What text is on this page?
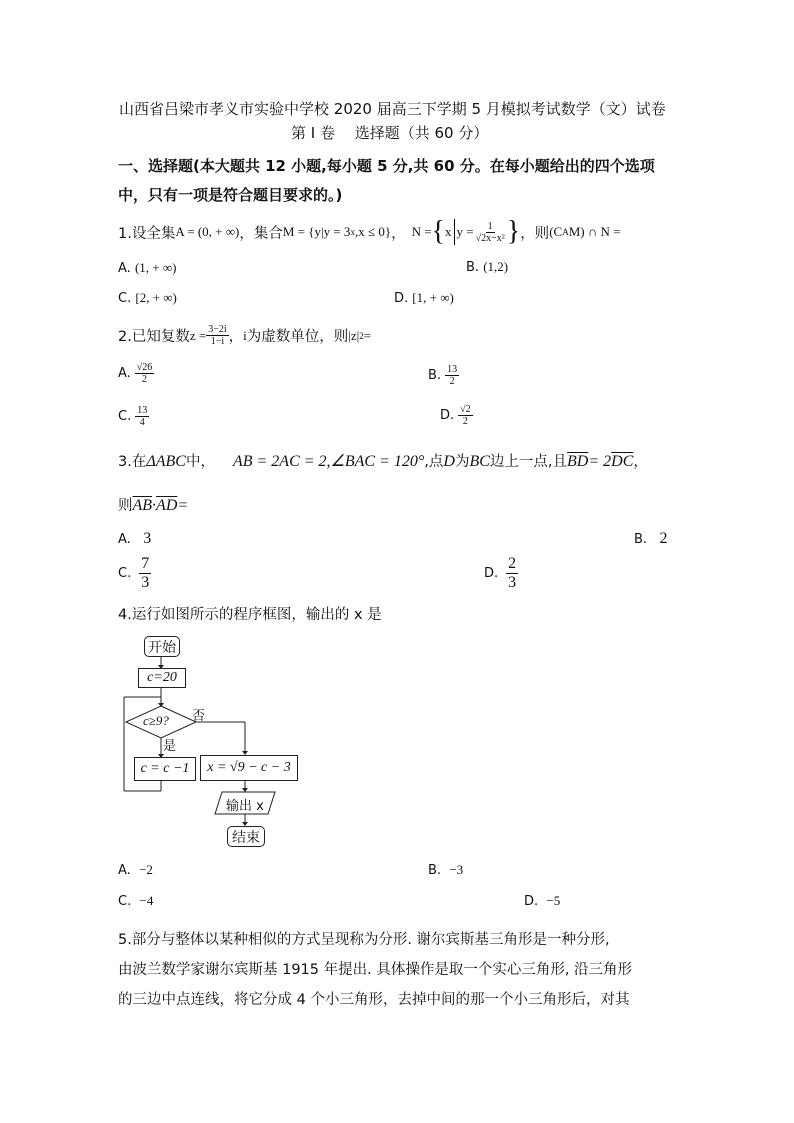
山西省吕梁市孝义市实验中学校 2020 届高三下学期 5 月模拟考试数学（文）试卷
第 I 卷　 选择题（共 60 分）
一、选择题(本大题共 12 小题,每小题 5 分,共 60 分。在每小题给出的四个选项
中，只有一项是符合题目要求的。)
1.设全集 A = (0, + ∞) ，集合 M = {y|y = 3 x ,x ≤ 0} ， N = { x $y = \frac{1}{\text{√2x−x²}}$ } ，则 (C A M) ∩ N =
A. (1, + ∞)	B. (1,2)
C. [2, + ∞)	D. [1, + ∞)
2.已知复数 $z = \frac{3-2i}{1-i}$ ， i 为虚数单位，则 |z| 2 =
A. $\frac{√26}{2}$	B. $\frac{13}{2}$
C. $\frac{13}{4}$	D. $\frac{√2}{2}$
3.在 ΔABC 中， AB = 2AC = 2,∠BAC = 120° ,点 D 为 BC 边上一点,且 $\overline{BD} = 2$ $\overline{DC}$ ，
则 $\overline{AB} \cdot \overline{AD}$ =
A. 3	B. 2
C. $\frac{7}{3}$	D. $\frac{2}{3}$
4.运行如图所示的程序框图，输出的 x 是
开始
c=20
c≥9? 否
是
c = c −1	x = √9 − c − 3
输出 x
结束
A. −2	B. −3
C. −4	D. −5
5.部分与整体以某种相似的方式呈现称为分形. 谢尔宾斯基三角形是一种分形,
由波兰数学家谢尔宾斯基 1915 年提出. 具体操作是取一个实心三角形, 沿三角形
的三边中点连线，将它分成 4 个小三角形，去掉中间的那一个小三角形后，对其
